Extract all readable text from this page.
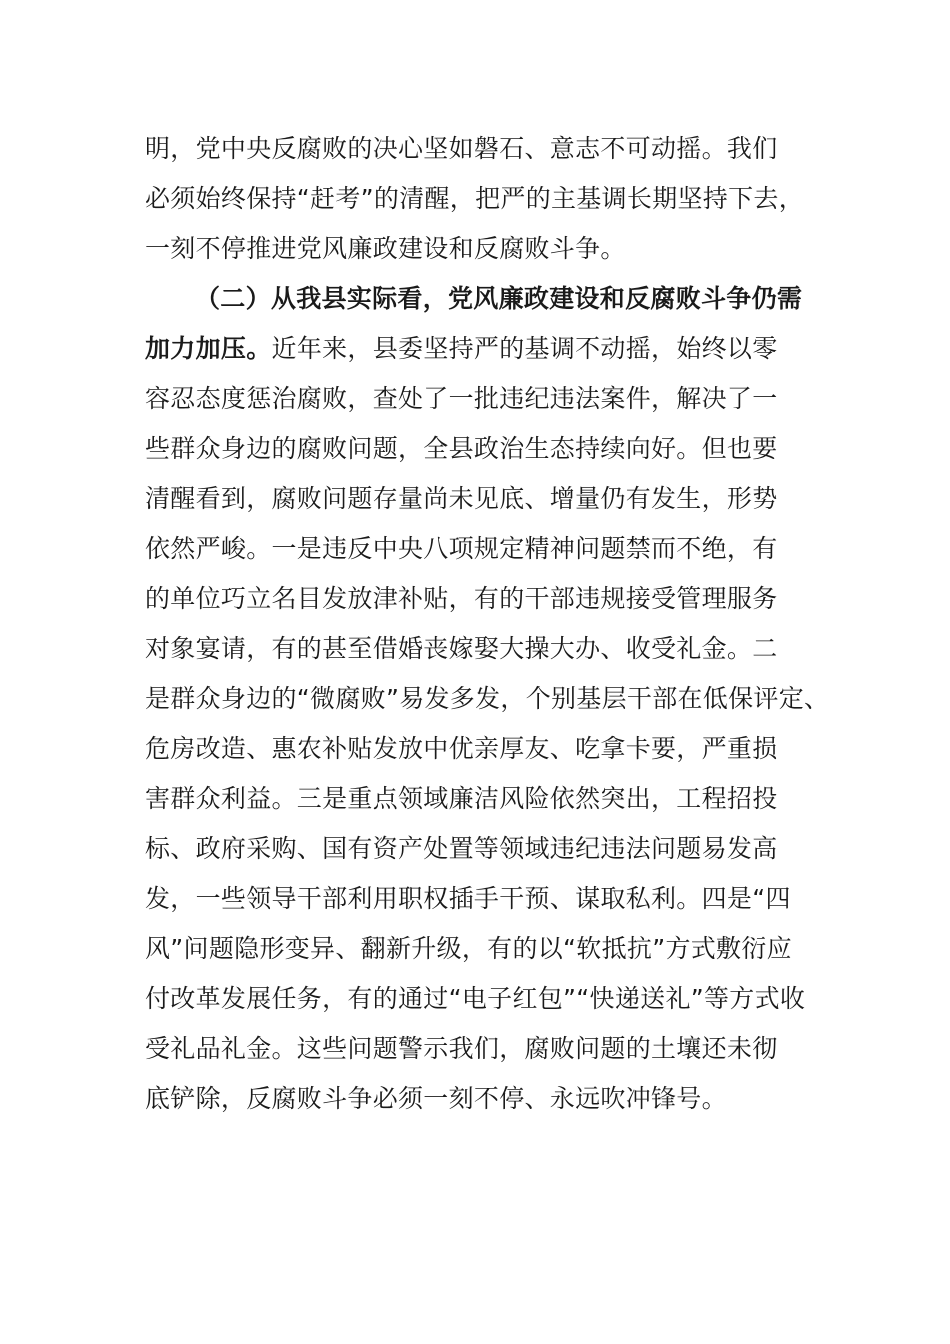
明，党中央反腐败的决心坚如磐石、意志不可动摇。我们
必须始终保持“赶考”的清醒，把严的主基调长期坚持下去，
一刻不停推进党风廉政建设和反腐败斗争。
（二）从我县实际看，党风廉政建设和反腐败斗争仍需
加力加压。近年来，县委坚持严的基调不动摇，始终以零
容忍态度惩治腐败，查处了一批违纪违法案件，解决了一
些群众身边的腐败问题，全县政治生态持续向好。但也要
清醒看到，腐败问题存量尚未见底、增量仍有发生，形势
依然严峻。一是违反中央八项规定精神问题禁而不绝，有
的单位巧立名目发放津补贴，有的干部违规接受管理服务
对象宴请，有的甚至借婚丧嫁娶大操大办、收受礼金。二
是群众身边的“微腐败”易发多发，个别基层干部在低保评定、
危房改造、惠农补贴发放中优亲厚友、吃拿卡要，严重损
害群众利益。三是重点领域廉洁风险依然突出，工程招投
标、政府采购、国有资产处置等领域违纪违法问题易发高
发，一些领导干部利用职权插手干预、谋取私利。四是“四
风”问题隐形变异、翻新升级，有的以“软抵抗”方式敷衍应
付改革发展任务，有的通过“电子红包”“快递送礼”等方式收
受礼品礼金。这些问题警示我们，腐败问题的土壤还未彻
底铲除，反腐败斗争必须一刻不停、永远吹冲锋号。
